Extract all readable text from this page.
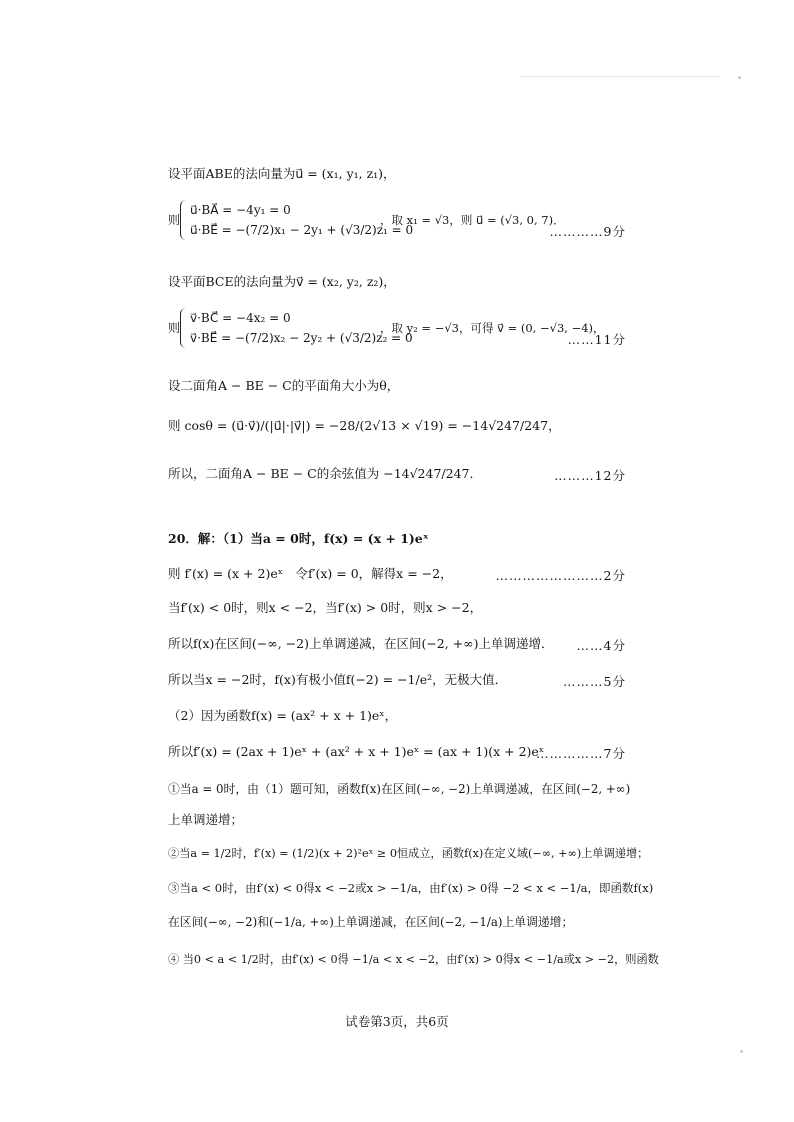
设平面ABE的法向量为u⃗ = (x₁, y₁, z₁)，
则
u⃗·BA⃗ = −4y₁ = 0
u⃗·BE⃗ = −(7/2)x₁ − 2y₁ + (√3/2)z₁ = 0
，取 x₁ = √3，则 u⃗ = (√3, 0, 7)．
…………9分
设平面BCE的法向量为v⃗ = (x₂, y₂, z₂)，
则
v⃗·BC⃗ = −4x₂ = 0
v⃗·BE⃗ = −(7/2)x₂ − 2y₂ + (√3/2)z₂ = 0
，取 y₂ = −√3，可得 v⃗ = (0, −√3, −4)，
……11分
设二面角A − BE − C的平面角大小为θ，
则 cosθ = (u⃗·v⃗)/(|u⃗|·|v⃗|) = −28/(2√13 × √19) = −14√247/247，
所以，二面角A − BE − C的余弦值为 −14√247/247．	………12分
20．解：（1）当a = 0时，f(x) = (x + 1)eˣ
则 f′(x) = (x + 2)eˣ　令f′(x) = 0，解得x = −2，	……………………2分
当f′(x) < 0时，则x < −2，当f′(x) > 0时，则x > −2，
所以f(x)在区间(−∞, −2)上单调递减，在区间(−2, +∞)上单调递增．	……4分
所以当x = −2时，f(x)有极小值f(−2) = −1/e²，无极大值．	………5分
（2）因为函数f(x) = (ax² + x + 1)eˣ，
所以f′(x) = (2ax + 1)eˣ + (ax² + x + 1)eˣ = (ax + 1)(x + 2)eˣ
……………7分
①当a = 0时，由（1）题可知，函数f(x)在区间(−∞, −2)上单调递减，在区间(−2, +∞)
上单调递增；
②当a = 1/2时，f′(x) = (1/2)(x + 2)²eˣ ≥ 0恒成立，函数f(x)在定义域(−∞, +∞)上单调递增；
③当a < 0时，由f′(x) < 0得x < −2或x > −1/a，由f′(x) > 0得 −2 < x < −1/a，即函数f(x)
在区间(−∞, −2)和(−1/a, +∞)上单调递减，在区间(−2, −1/a)上单调递增；
④ 当0 < a < 1/2时，由f′(x) < 0得 −1/a < x < −2，由f′(x) > 0得x < −1/a或x > −2，则函数
试卷第3页，共6页
